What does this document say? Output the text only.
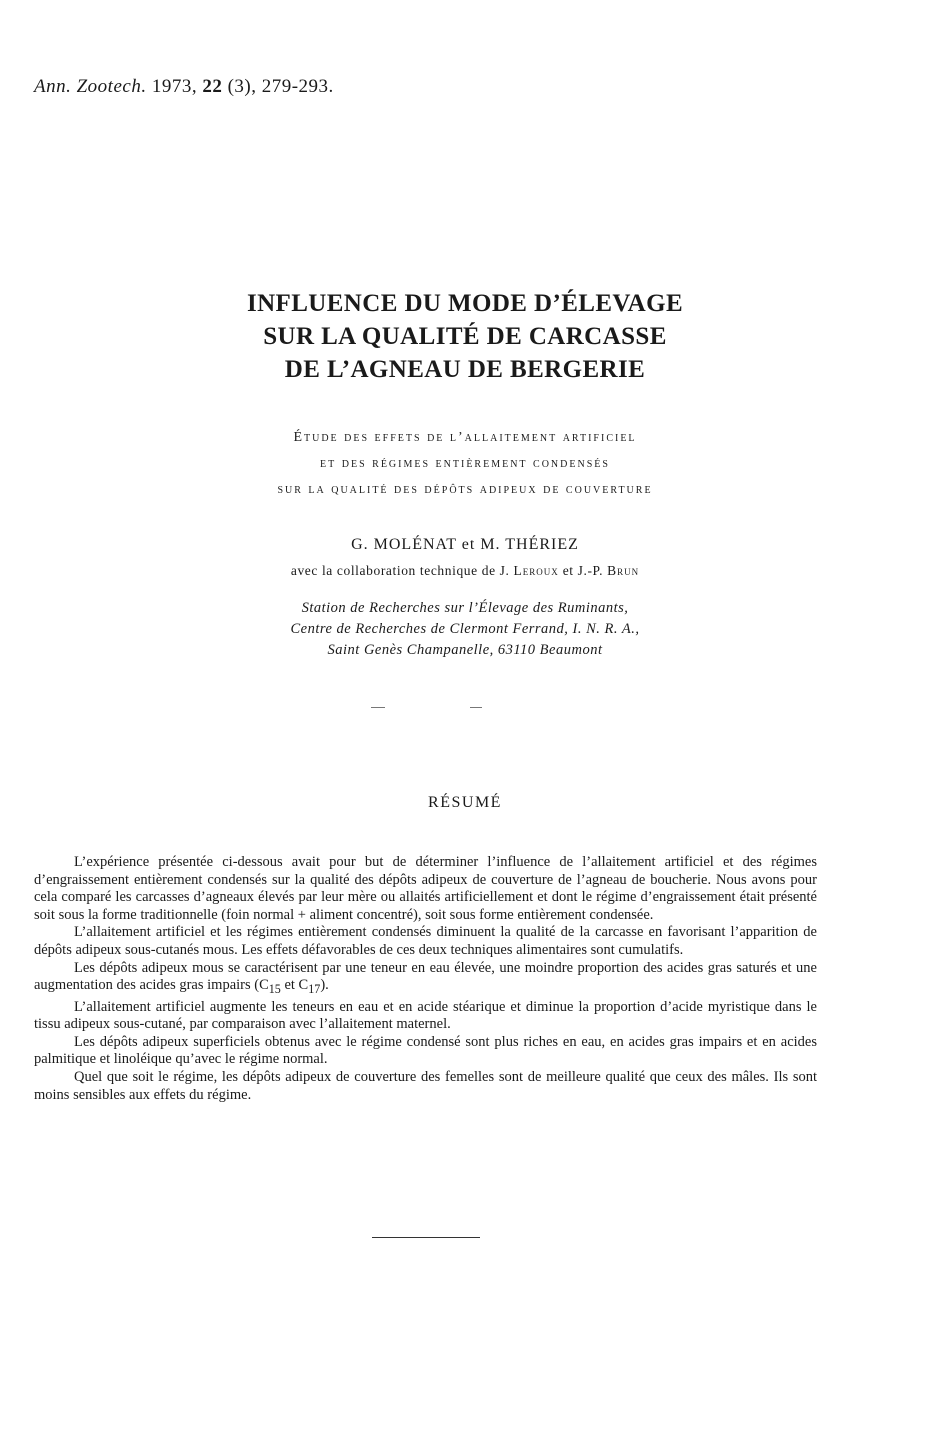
Ann. Zootech. 1973, 22 (3), 279-293.
INFLUENCE DU MODE D’ÉLEVAGE
SUR LA QUALITÉ DE CARCASSE
DE L’AGNEAU DE BERGERIE
Étude des effets de l’allaitement artificiel
et des régimes entièrement condensés
sur la qualité des dépôts adipeux de couverture
G. MOLÉNAT et M. THÉRIEZ
avec la collaboration technique de J. Leroux et J.-P. Brun
Station de Recherches sur l’Élevage des Ruminants,
Centre de Recherches de Clermont Ferrand, I. N. R. A.,
Saint Genès Champanelle, 63110 Beaumont
RÉSUMÉ

L’expérience présentée ci-dessous avait pour but de déterminer l’influence de l’allaitement artificiel et des régimes d’engraissement entièrement condensés sur la qualité des dépôts adipeux de couverture de l’agneau de boucherie. Nous avons pour cela comparé les carcasses d’agneaux élevés par leur mère ou allaités artificiellement et dont le régime d’engraissement était présenté soit sous la forme traditionnelle (foin normal + aliment concentré), soit sous forme entièrement condensée.

L’allaitement artificiel et les régimes entièrement condensés diminuent la qualité de la carcasse en favorisant l’apparition de dépôts adipeux sous-cutanés mous. Les effets défavorables de ces deux techniques alimentaires sont cumulatifs.

Les dépôts adipeux mous se caractérisent par une teneur en eau élevée, une moindre proportion des acides gras saturés et une augmentation des acides gras impairs ($C_{15}$ et $C_{17}$).

L’allaitement artificiel augmente les teneurs en eau et en acide stéarique et diminue la proportion d’acide myristique dans le tissu adipeux sous-cutané, par comparaison avec l’allaitement maternel.

Les dépôts adipeux superficiels obtenus avec le régime condensé sont plus riches en eau, en acides gras impairs et en acides palmitique et linoléique qu’avec le régime normal.

Quel que soit le régime, les dépôts adipeux de couverture des femelles sont de meilleure qualité que ceux des mâles. Ils sont moins sensibles aux effets du régime.
